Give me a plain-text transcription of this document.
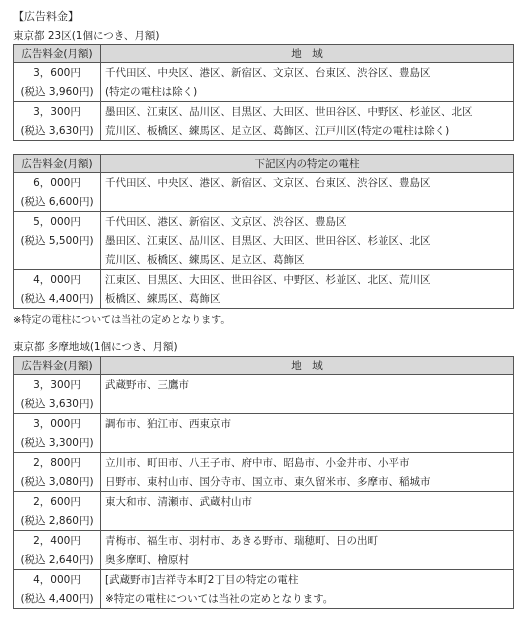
【広告料金】
東京都 23区(1個につき、月額)
広告料金(月額)	地　域
3，600円	千代田区、中央区、港区、新宿区、文京区、台東区、渋谷区、豊島区
(税込 3,960円)	(特定の電柱は除く)
3，300円	墨田区、江東区、品川区、目黒区、大田区、世田谷区、中野区、杉並区、北区
(税込 3,630円)	荒川区、板橋区、練馬区、足立区、葛飾区、江戸川区(特定の電柱は除く)
広告料金(月額)	下記区内の特定の電柱
6，000円	千代田区、中央区、港区、新宿区、文京区、台東区、渋谷区、豊島区
(税込 6,600円)	
5，000円	千代田区、港区、新宿区、文京区、渋谷区、豊島区
(税込 5,500円)	墨田区、江東区、品川区、目黒区、大田区、世田谷区、杉並区、北区
	荒川区、板橋区、練馬区、足立区、葛飾区
4，000円	江東区、目黒区、大田区、世田谷区、中野区、杉並区、北区、荒川区
(税込 4,400円)	板橋区、練馬区、葛飾区
※特定の電柱については当社の定めとなります。
東京都 多摩地域(1個につき、月額)
広告料金(月額)	地　域
3，300円	武蔵野市、三鷹市
(税込 3,630円)	
3，000円	調布市、狛江市、西東京市
(税込 3,300円)	
2，800円	立川市、町田市、八王子市、府中市、昭島市、小金井市、小平市
(税込 3,080円)	日野市、東村山市、国分寺市、国立市、東久留米市、多摩市、稲城市
2，600円	東大和市、清瀬市、武蔵村山市
(税込 2,860円)	
2，400円	青梅市、福生市、羽村市、あきる野市、瑞穂町、日の出町
(税込 2,640円)	奥多摩町、檜原村
4，000円	[武蔵野市]吉祥寺本町2丁目の特定の電柱
(税込 4,400円)	※特定の電柱については当社の定めとなります。
